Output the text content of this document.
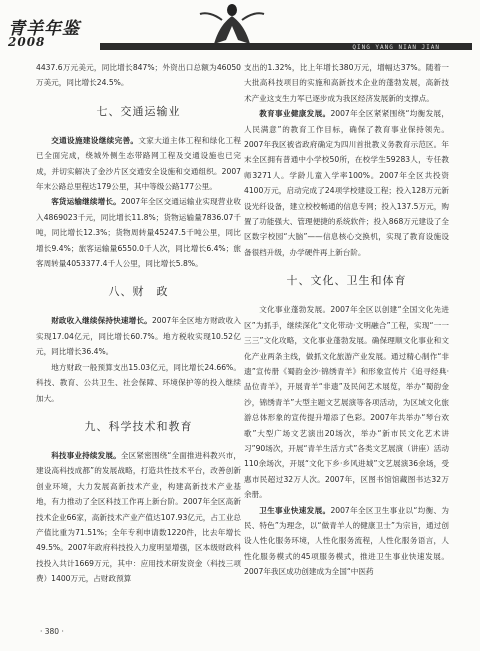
青羊年鉴
2008	QING YANG NIAN JIAN

4437.6万元美元，同比增长847%；外资出口总额为46050万美元，同比增长24.5%。

七、交通运输业

交通设施建设继续完善。文家大道主体工程和绿化工程已全面完成，绕城外侧生态带路网工程及交通设施也已完成，并切实解决了金沙片区交通安全设施和交通组织。2007年末公路总里程达179公里，其中等级公路177公里。

客货运输继续增长。2007年全区交通运输业实现营业收入4869023千元，同比增长11.8%；货物运输量7836.07千吨，同比增长12.3%；货物周转量45247.5千吨公里，同比增长9.4%；旅客运输量6550.0千人次，同比增长6.4%；旅客周转量4053377.4千人公里，同比增长5.8%。

八、财　政

财政收入继续保持快速增长。2007年全区地方财政收入实现17.04亿元，同比增长60.7%。地方税收实现10.52亿元，同比增长36.4%。

地方财政一般预算支出15.03亿元，同比增长24.66%。科技、教育、公共卫生、社会保障、环境保护等的投入继续加大。

九、科学技术和教育

科技事业持续发展。全区紧密围绕“全面推进科教兴市，建设高科技成都”的发展战略，打造共性技术平台，改善创新创业环境，大力发展高新技术产业，构建高新技术产业基地，有力推动了全区科技工作再上新台阶。2007年全区高新技术企业66家，高新技术产业产值达107.93亿元，占工业总产值比重为71.51%；全年专利申请数1220件，比去年增长49.5%。2007年政府科技投入力度明显增强，区本级财政科技投入共计1669万元，其中：应用技术研发资金（科技三项费）1400万元，占财政预算

支出的1.32%，比上年增长380万元，增幅达37%。随着一大批高科技项目的实施和高新技术企业的蓬勃发展，高新技术产业这支生力军已逐步成为我区经济发展新的支撑点。

教育事业健康发展。2007年全区紧紧围绕“均衡发展，人民满意”的教育工作目标，确保了教育事业保持领先。2007年我区被省政府确定为四川首批教义务教育示范区。年末全区拥有普通中小学校50所，在校学生59283人，专任教师3271人。学龄儿童入学率100%。2007年全区共投资4100万元，启动完成了24项学校建设工程；投入128万元新设光纤设备，建立校校畅通的信息专网；投入137.5万元，购置了功能强大、管理便捷的系统软件；投入868万元建设了全区数字校园“大脑”——信息核心交换机，实现了教育设施设备很档升级，办学硬件再上新台阶。

十、文化、卫生和体育

文化事业蓬勃发展。2007年全区以创建“全国文化先进区”为抓手，继续深化“文化带动·文明融合”工程，实现“一一三三”文化攻略，文化事业蓬勃发展。确保理顺文化事业和文化产业两条主线，做抓文化旅游产业发展。通过精心制作“非遗”宣传册《蜀韵金沙·锦绣青羊》和形象宣传片《追寻经典·品位青羊》，开展青羊“非遗”及民间艺术展览，举办“蜀韵金沙，锦绣青羊”大型主题文艺展演等各项活动，为区域文化旅游总体形象的宣传提升增添了色彩。2007年共举办“琴台欢歌”大型广场文艺演出20场次，举办“新市民文化艺术讲习”90场次，开展“青羊生活方式”各类文艺展演（讲座）活动110余场次，开展“文化下乡·乡风进城”文艺展演36余场，受惠市民超过32万人次。2007年，区图书馆馆藏图书达32万余册。

卫生事业快速发展。2007年全区卫生事业以“均衡、为民、特色”为理念，以“做青羊人的健康卫士”为宗旨，通过创设人性化服务环境，人性化服务流程，人性化服务语言，人性化服务模式的45项服务模式，推进卫生事业快速发展。2007年我区成功创建成为全国“中医药

· 380 ·
